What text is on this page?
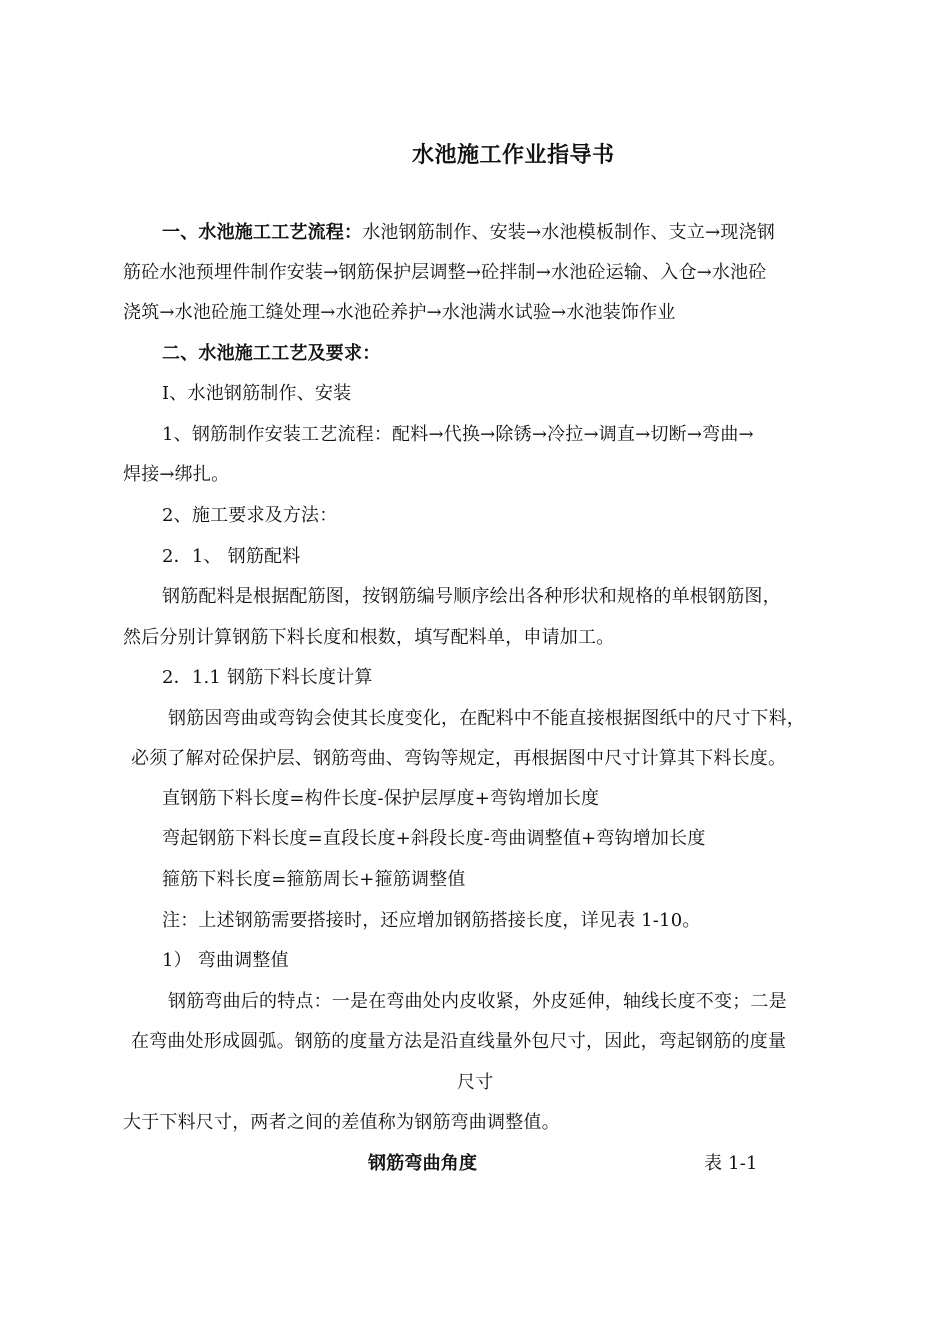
水池施工作业指导书

一、水池施工工艺流程：水池钢筋制作、安装→水池模板制作、支立→现浇钢

筋砼水池预埋件制作安装→钢筋保护层调整→砼拌制→水池砼运输、入仓→水池砼

浇筑→水池砼施工缝处理→水池砼养护→水池满水试验→水池装饰作业

二、水池施工工艺及要求：

I、水池钢筋制作、安装

1、钢筋制作安装工艺流程：配料→代换→除锈→冷拉→调直→切断→弯曲→

焊接→绑扎。

2、施工要求及方法：

2．1、 钢筋配料

钢筋配料是根据配筋图，按钢筋编号顺序绘出各种形状和规格的单根钢筋图，

然后分别计算钢筋下料长度和根数，填写配料单，申请加工。

2．1.1 钢筋下料长度计算

钢筋因弯曲或弯钩会使其长度变化，在配料中不能直接根据图纸中的尺寸下料，

必须了解对砼保护层、钢筋弯曲、弯钩等规定，再根据图中尺寸计算其下料长度。

直钢筋下料长度=构件长度-保护层厚度+弯钩增加长度

弯起钢筋下料长度=直段长度+斜段长度-弯曲调整值+弯钩增加长度

箍筋下料长度=箍筋周长+箍筋调整值

注：上述钢筋需要搭接时，还应增加钢筋搭接长度，详见表 1-10。

1） 弯曲调整值

钢筋弯曲后的特点：一是在弯曲处内皮收紧，外皮延伸，轴线长度不变；二是

在弯曲处形成圆弧。钢筋的度量方法是沿直线量外包尺寸，因此，弯起钢筋的度量

尺寸

大于下料尺寸，两者之间的差值称为钢筋弯曲调整值。

钢筋弯曲角度	表 1-1
